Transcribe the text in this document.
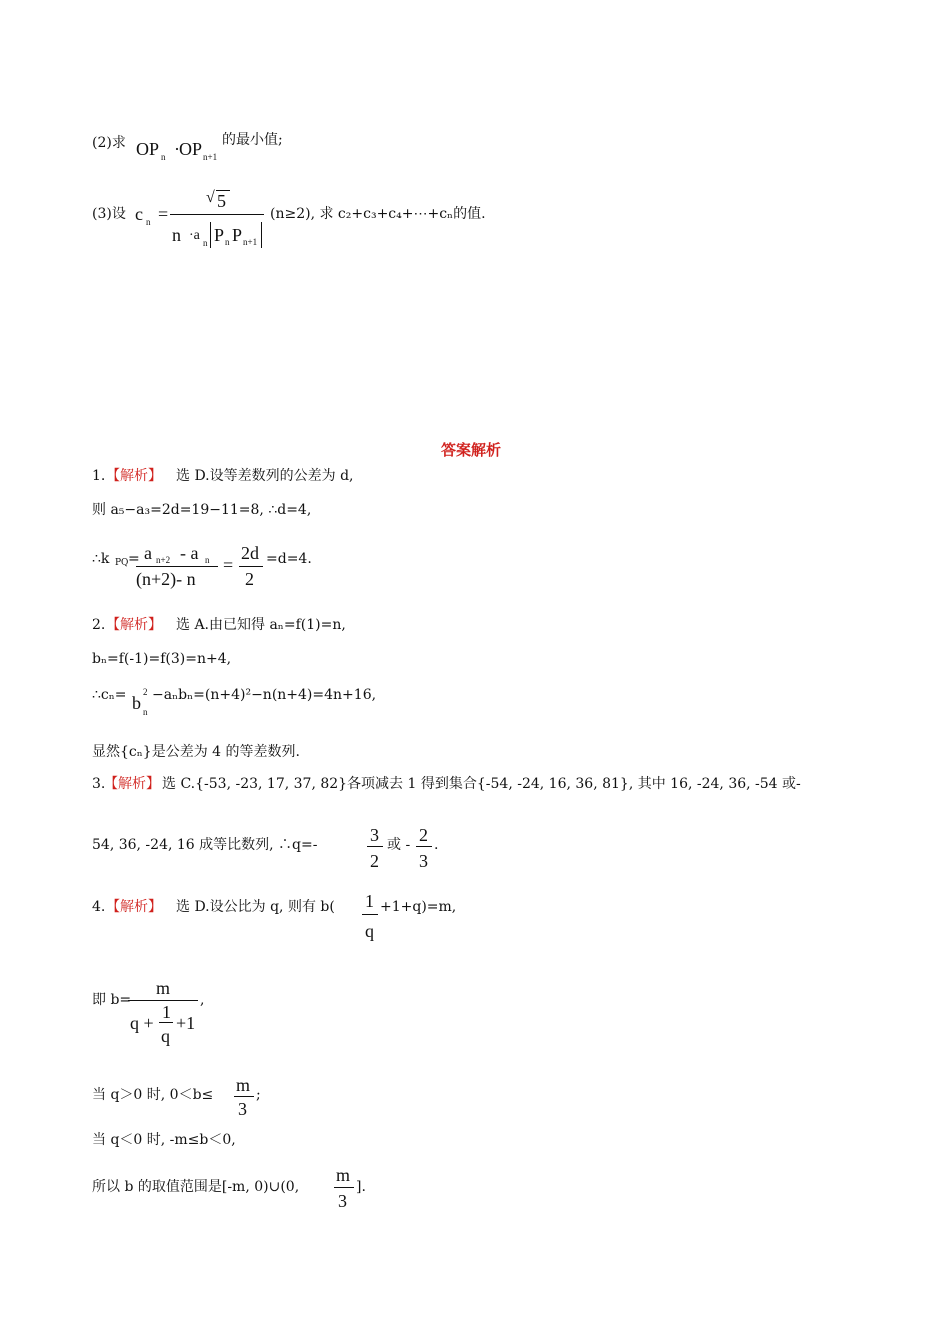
(2)求 OP n · OP n+1
的最小值;
(3)设 c n =
√ 5
n ·a n P n P n+1
(n≥2), 求 c₂+c₃+c₄+⋯+cₙ的值.
答案解析
1. 【解析】 选 D.设等差数列的公差为 d,
则 a₅−a₃=2d=19−11=8, ∴d=4,
∴k PQ = a n+2 - a n
(n+2)- n
=
2d
2
=d=4.
2. 【解析】 选 A.由已知得 aₙ=f(1)=n,
bₙ=f(-1)=f(3)=n+4,
∴cₙ= b
2
n
−aₙbₙ=(n+4)²−n(n+4)=4n+16,
显然{cₙ}是公差为 4 的等差数列.
3.
【解析】 选 C.{-53, -23, 17, 37, 82}各项减去 1 得到集合{-54, -24, 16, 36, 81}, 其中 16, -24, 36, -54 或-
54, 36, -24, 16 成等比数列, ∴q=-	3
2
或 - 2
3
.
4. 【解析】 选 D.设公比为 q, 则有 b( 1
q
+1+q)=m,
即 b=
m
q +
1
q
+1
,
当 q＞0 时, 0＜b≤ m
3
;
当 q＜0 时, -m≤b＜0,
所以 b 的取值范围是[-m, 0)∪(0,
m
3
].
